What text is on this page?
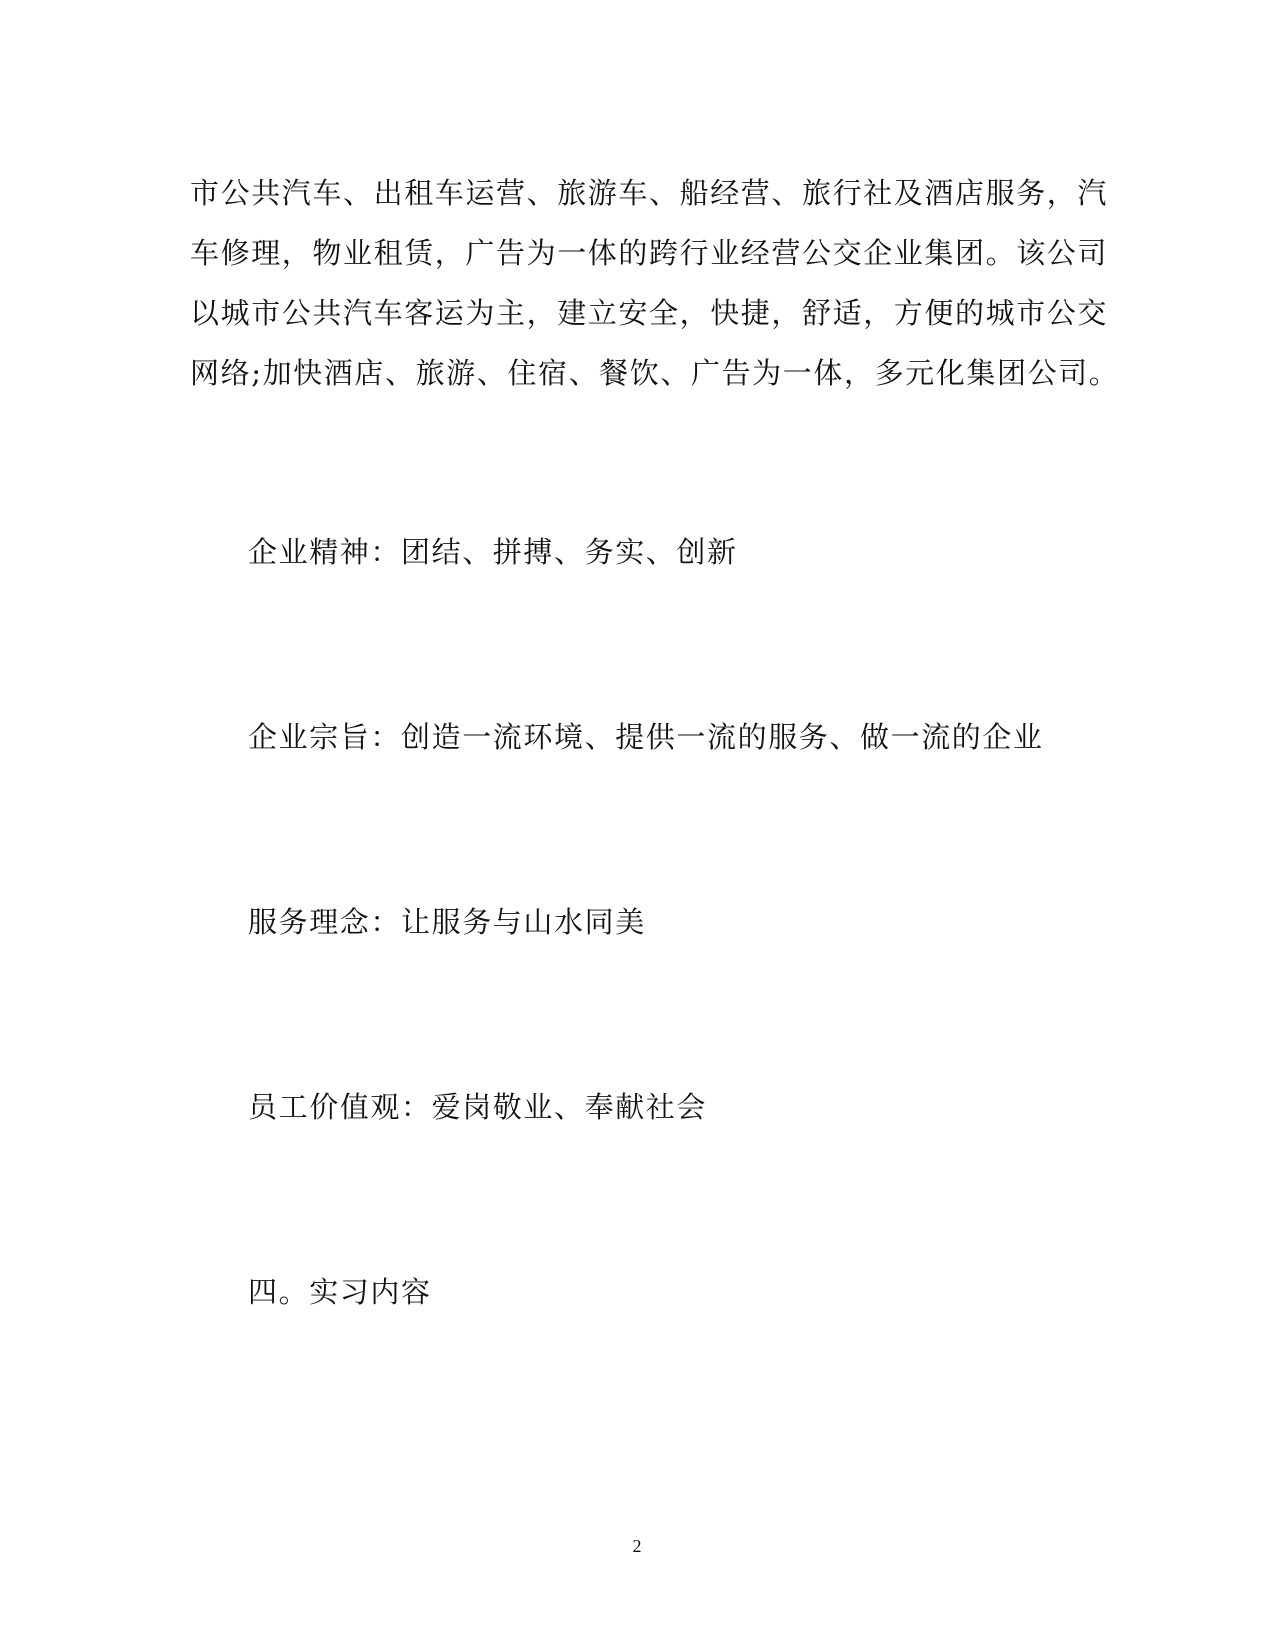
市公共汽车、出租车运营、旅游车、船经营、旅行社及酒店服务，汽
车修理，物业租赁，广告为一体的跨行业经营公交企业集团。该公司
以城市公共汽车客运为主，建立安全，快捷，舒适，方便的城市公交
网络;加快酒店、旅游、住宿、餐饮、广告为一体，多元化集团公司。
企业精神：团结、拼搏、务实、创新
企业宗旨：创造一流环境、提供一流的服务、做一流的企业
服务理念：让服务与山水同美
员工价值观：爱岗敬业、奉献社会
四。实习内容
2
